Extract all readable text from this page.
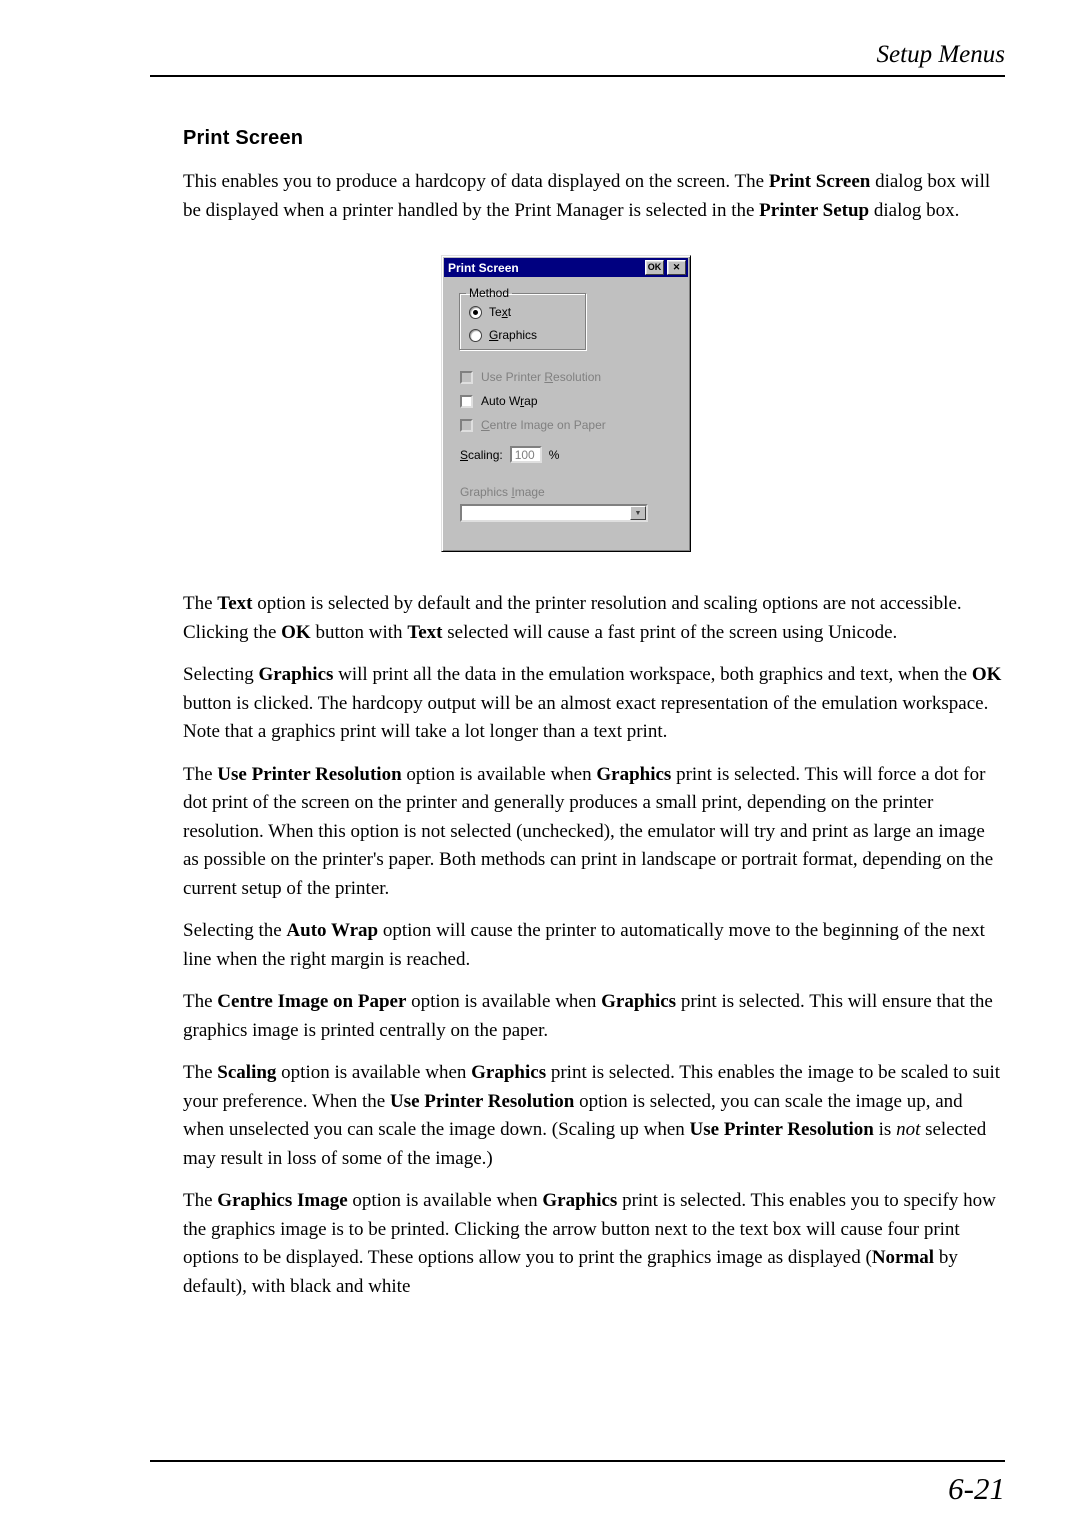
Setup Menus
Print Screen

This enables you to produce a hardcopy of data displayed on the screen. The Print Screen dialog box will be displayed when a printer handled by the Print Manager is selected in the Printer Setup dialog box.

Print Screen	OK	✕
Method
Text
Graphics
Use Printer Resolution
Auto Wrap
Centre Image on Paper
Scaling:	100	%
Graphics Image
▼

The Text option is selected by default and the printer resolution and scaling options are not accessible. Clicking the OK button with Text selected will cause a fast print of the screen using Unicode.

Selecting Graphics will print all the data in the emulation workspace, both graphics and text, when the OK button is clicked. The hardcopy output will be an almost exact representation of the emulation workspace. Note that a graphics print will take a lot longer than a text print.

The Use Printer Resolution option is available when Graphics print is selected. This will force a dot for dot print of the screen on the printer and generally produces a small print, depending on the printer resolution. When this option is not selected (unchecked), the emulator will try and print as large an image as possible on the printer's paper. Both methods can print in landscape or portrait format, depending on the current setup of the printer.

Selecting the Auto Wrap option will cause the printer to automatically move to the beginning of the next line when the right margin is reached.

The Centre Image on Paper option is available when Graphics print is selected. This will ensure that the graphics image is printed centrally on the paper.

The Scaling option is available when Graphics print is selected. This enables the image to be scaled to suit your preference. When the Use Printer Resolution option is selected, you can scale the image up, and when unselected you can scale the image down. (Scaling up when Use Printer Resolution is not selected may result in loss of some of the image.)

The Graphics Image option is available when Graphics print is selected. This enables you to specify how the graphics image is to be printed. Clicking the arrow button next to the text box will cause four print options to be displayed. These options allow you to print the graphics image as displayed (Normal by default), with black and white

6-21
